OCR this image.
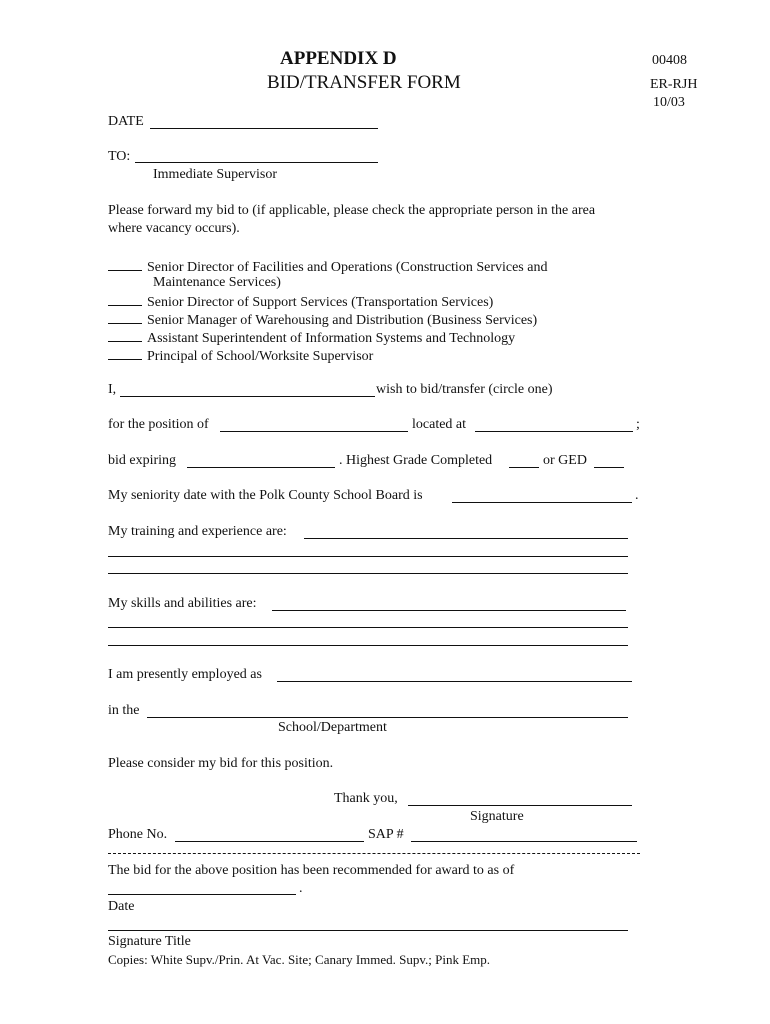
APPENDIX D
BID/TRANSFER FORM
00408
ER-RJH
10/03
DATE
TO:
Immediate Supervisor
Please forward my bid to (if applicable, please check the appropriate person in the area
where vacancy occurs).
Senior Director of Facilities and Operations (Construction Services and
Maintenance Services)
Senior Director of Support Services (Transportation Services)
Senior Manager of Warehousing and Distribution (Business Services)
Assistant Superintendent of Information Systems and Technology
Principal of School/Worksite Supervisor
I,	wish to bid/transfer (circle one)
for the position of	located at	;
bid expiring	. Highest Grade Completed	or GED
My seniority date with the Polk County School Board is	.
My training and experience are:
My skills and abilities are:
I am presently employed as
in the
School/Department
Please consider my bid for this position.
Thank you,
Signature
Phone No.	SAP #
The bid for the above position has been recommended for award to as of
.
Date
Signature Title
Copies: White Supv./Prin. At Vac. Site; Canary Immed. Supv.; Pink Emp.
